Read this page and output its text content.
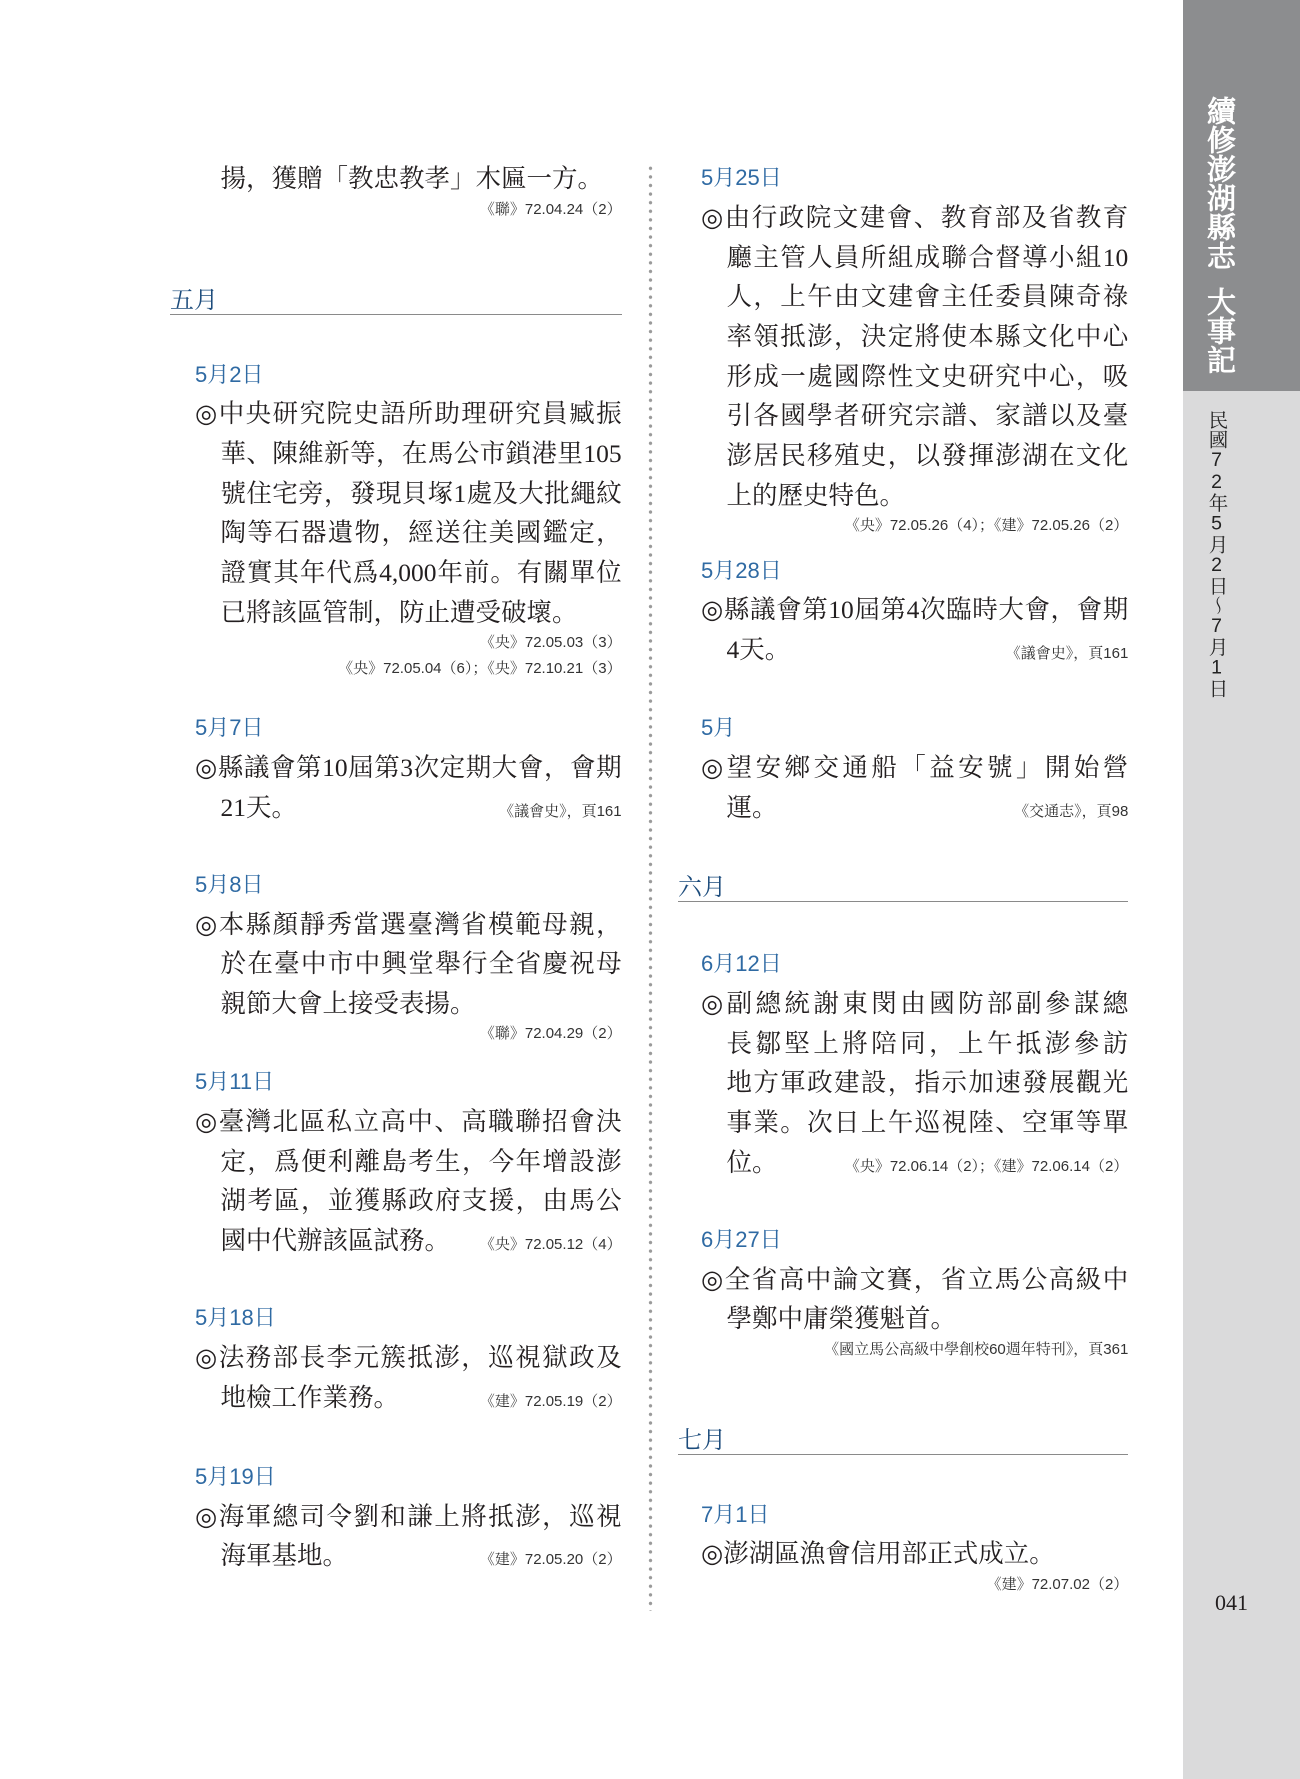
揚，獲贈「教忠教孝」木匾一方。
《聯》72.04.24（2）
五月
5月2日
◎中央研究院史語所助理研究員臧振
華、陳維新等，在馬公市鎖港里105
號住宅旁，發現貝塚1處及大批繩紋
陶等石器遺物，經送往美國鑑定，
證實其年代爲4,000年前。有關單位
已將該區管制，防止遭受破壞。
《央》72.05.03（3）
《央》72.05.04（6）；《央》72.10.21（3）
5月7日
◎縣議會第10屆第3次定期大會，會期
21天。	《議會史》，頁161
5月8日
◎本縣顏靜秀當選臺灣省模範母親，
於在臺中市中興堂舉行全省慶祝母
親節大會上接受表揚。
《聯》72.04.29（2）
5月11日
◎臺灣北區私立高中、高職聯招會決
定，爲便利離島考生，今年增設澎
湖考區，並獲縣政府支援，由馬公
國中代辦該區試務。 《央》72.05.12（4）
5月18日
◎法務部長李元簇抵澎，巡視獄政及
地檢工作業務。	《建》72.05.19（2）
5月19日
◎海軍總司令劉和謙上將抵澎，巡視
海軍基地。	《建》72.05.20（2）
5月25日
◎由行政院文建會、教育部及省教育
廳主管人員所組成聯合督導小組10
人，上午由文建會主任委員陳奇祿
率領抵澎，決定將使本縣文化中心
形成一處國際性文史研究中心，吸
引各國學者研究宗譜、家譜以及臺
澎居民移殖史，以發揮澎湖在文化
上的歷史特色。
《央》72.05.26（4）；《建》72.05.26（2）
5月28日
◎縣議會第10屆第4次臨時大會，會期
4天。	《議會史》，頁161
5月
◎望安鄉交通船「益安號」開始營
運。	《交通志》，頁98
六月
6月12日
◎副總統謝東閔由國防部副參謀總
長鄒堅上將陪同，上午抵澎參訪
地方軍政建設，指示加速發展觀光
事業。次日上午巡視陸、空軍等單
位。	《央》72.06.14（2）；《建》72.06.14（2）
6月27日
◎全省高中論文賽，省立馬公高級中
學鄭中庸榮獲魁首。
《國立馬公高級中學創校60週年特刊》，頁361
七月
7月1日
◎澎湖區漁會信用部正式成立。
《建》72.07.02（2）
續修澎湖縣志
大事記
民國72年5月2日～7月1日
041
